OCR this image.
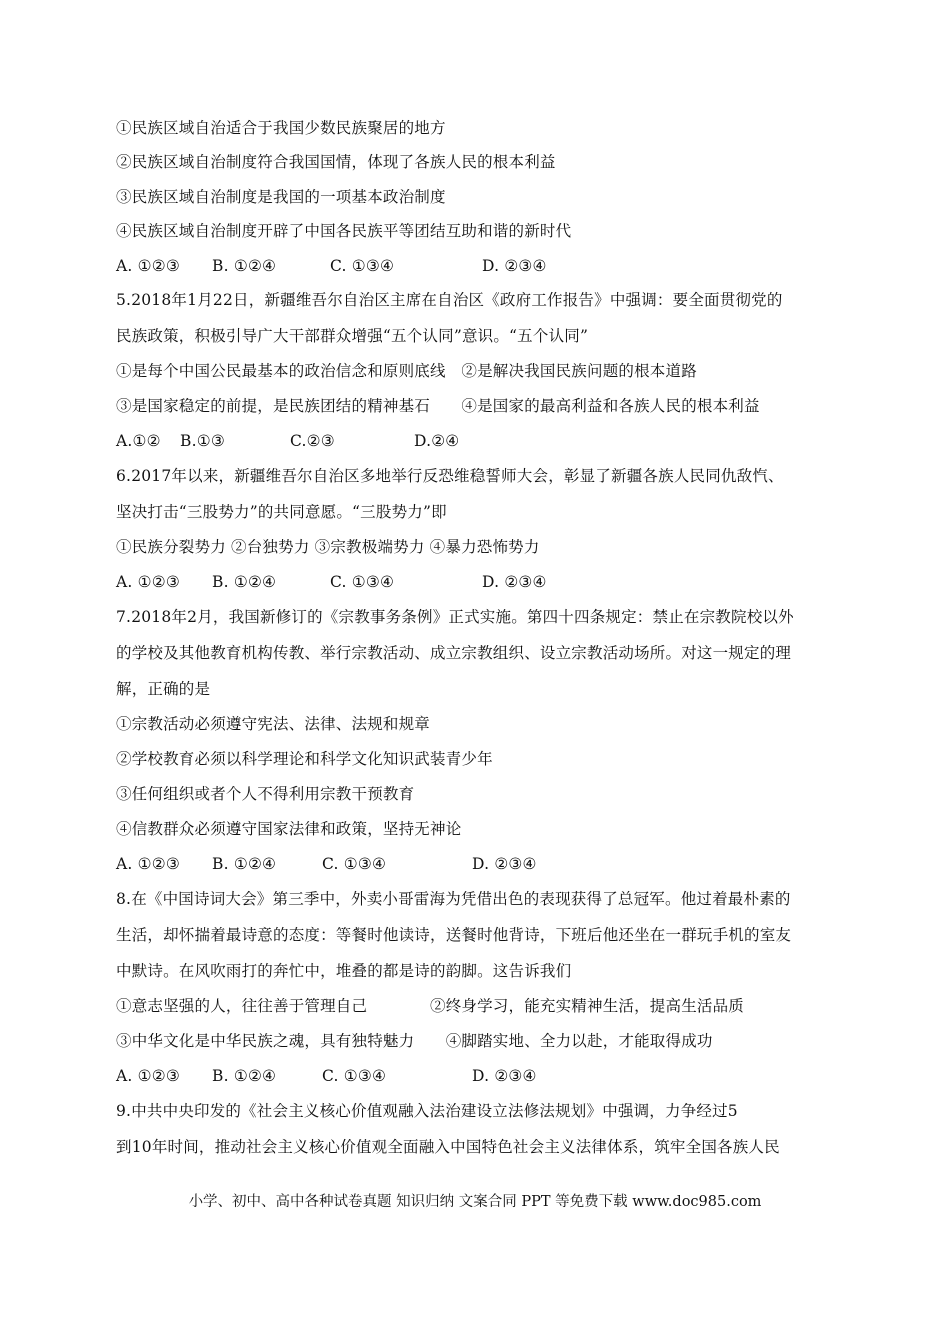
①民族区域自治适合于我国少数民族聚居的地方
②民族区域自治制度符合我国国情，体现了各族人民的根本利益
③民族区域自治制度是我国的一项基本政治制度
④民族区域自治制度开辟了中国各民族平等团结互助和谐的新时代
A. ①②③ B. ①②④	C. ①③④	D. ②③④
5.2018年1月22日，新疆维吾尔自治区主席在自治区《政府工作报告》中强调：要全面贯彻党的
民族政策，积极引导广大干部群众增强“五个认同”意识。“五个认同”
①是每个中国公民最基本的政治信念和原则底线　②是解决我国民族问题的根本道路
③是国家稳定的前提，是民族团结的精神基石　　④是国家的最高利益和各族人民的根本利益
A.①② B.①③	C.②③	D.②④
6.2017年以来，新疆维吾尔自治区多地举行反恐维稳誓师大会，彰显了新疆各族人民同仇敌忾、
坚决打击“三股势力”的共同意愿。“三股势力”即
①民族分裂势力 ②台独势力 ③宗教极端势力 ④暴力恐怖势力
A. ①②③ B. ①②④	C. ①③④	D. ②③④
7.2018年2月，我国新修订的《宗教事务条例》正式实施。第四十四条规定：禁止在宗教院校以外
的学校及其他教育机构传教、举行宗教活动、成立宗教组织、设立宗教活动场所。对这一规定的理
解，正确的是
①宗教活动必须遵守宪法、法律、法规和规章
②学校教育必须以科学理论和科学文化知识武装青少年
③任何组织或者个人不得利用宗教干预教育
④信教群众必须遵守国家法律和政策，坚持无神论
A. ①②③ B. ①②④	C. ①③④	D. ②③④
8.在《中国诗词大会》第三季中，外卖小哥雷海为凭借出色的表现获得了总冠军。他过着最朴素的
生活，却怀揣着最诗意的态度：等餐时他读诗，送餐时他背诗，下班后他还坐在一群玩手机的室友
中默诗。在风吹雨打的奔忙中，堆叠的都是诗的韵脚。这告诉我们
①意志坚强的人，往往善于管理自己　　　　②终身学习，能充实精神生活，提高生活品质
③中华文化是中华民族之魂，具有独特魅力　　④脚踏实地、全力以赴，才能取得成功
A. ①②③ B. ①②④	C. ①③④	D. ②③④
9.中共中央印发的《社会主义核心价值观融入法治建设立法修法规划》中强调，力争经过5
到10年时间，推动社会主义核心价值观全面融入中国特色社会主义法律体系，筑牢全国各族人民
小学、初中、高中各种试卷真题 知识归纳 文案合同 PPT 等免费下载 www.doc985.com
